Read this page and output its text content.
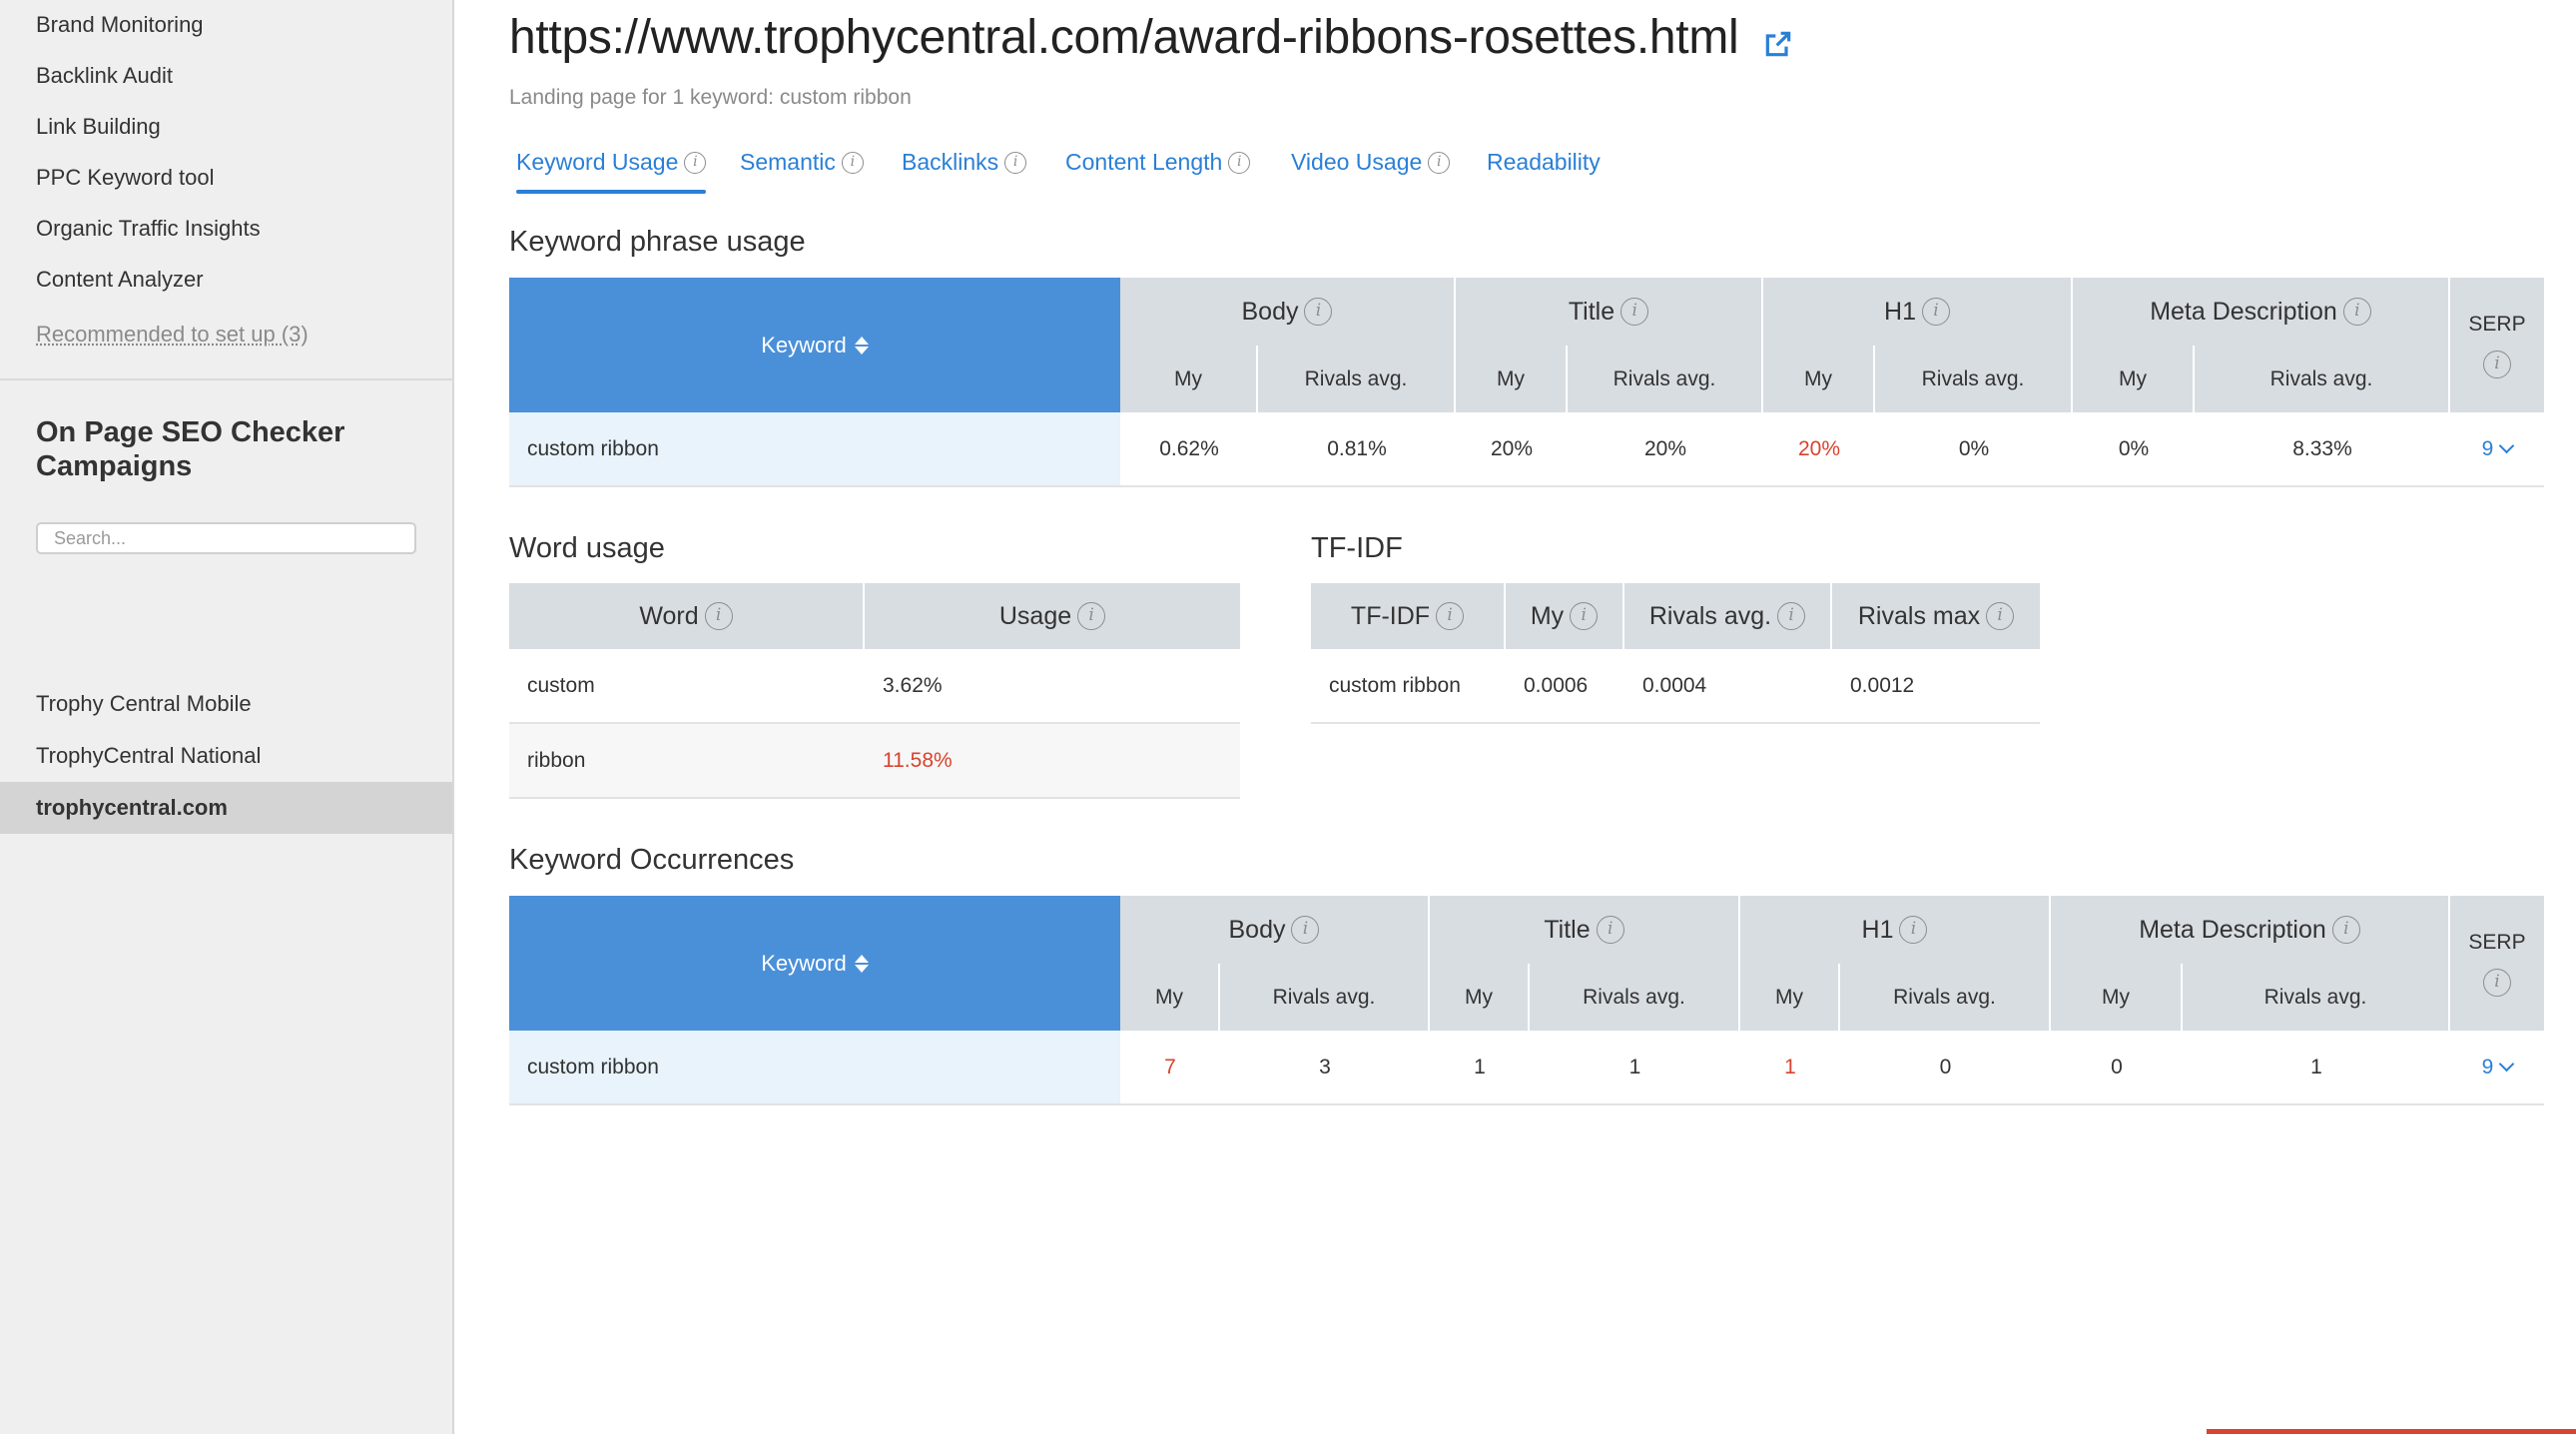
Brand Monitoring
Backlink Audit
Link Building
PPC Keyword tool
Organic Traffic Insights
Content Analyzer
Recommended to set up (3)
On Page SEO Checker Campaigns
Search...
Trophy Central Mobile
TrophyCentral National
trophycentral.com
https://www.trophycentral.com/award-ribbons-rosettes.html
Landing page for 1 keyword: custom ribbon
Keyword Usage	i	Semantic	i	Backlinks	i	Content Length	i	Video Usage	i	Readability
Keyword phrase usage
Keyword
Body	i	Title	i	H1	i	Meta Description	i
SERP
i
My	Rivals avg.	My	Rivals avg.	My	Rivals avg.	My	Rivals avg.
custom ribbon	0.62%	0.81%	20%	20%	20%	0%	0%	8.33%	9
Word usage
Word	i	Usage	i
custom	3.62%
ribbon	11.58%
TF-IDF
TF-IDF	i	My	i	Rivals avg.	i	Rivals max	i
custom ribbon	0.0006	0.0004	0.0012
Keyword Occurrences
Keyword
Body	i	Title	i	H1	i	Meta Description	i
SERP
i
My	Rivals avg.	My	Rivals avg.	My	Rivals avg.	My	Rivals avg.
custom ribbon	7	3	1	1	1	0	0	1	9
